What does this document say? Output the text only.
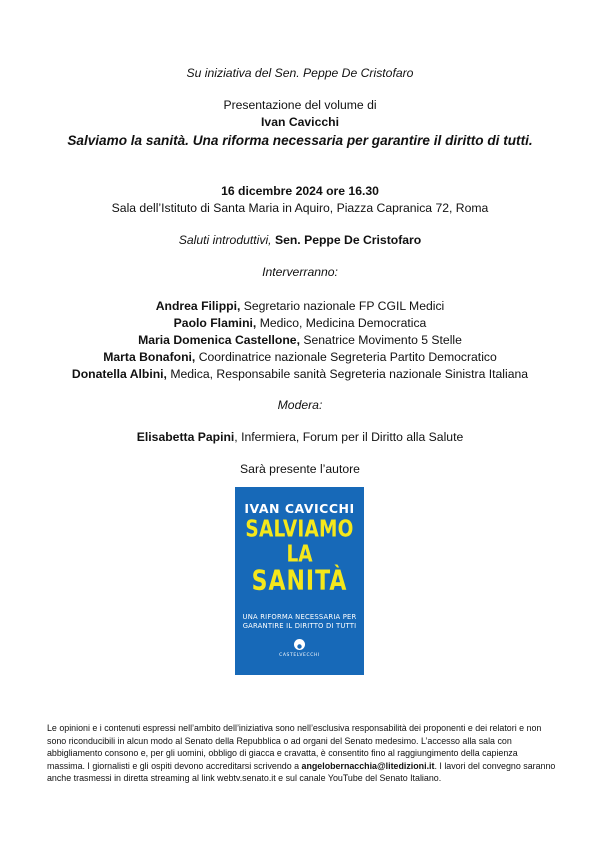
Su iniziativa del Sen. Peppe De Cristofaro
Presentazione del volume di
Ivan Cavicchi
Salviamo la sanità. Una riforma necessaria per garantire il diritto di tutti.
16 dicembre 2024 ore 16.30
Sala dell’Istituto di Santa Maria in Aquiro, Piazza Capranica 72, Roma
Saluti introduttivi, Sen. Peppe De Cristofaro
Interverranno:
Andrea Filippi, Segretario nazionale FP CGIL Medici
Paolo Flamini, Medico, Medicina Democratica
Maria Domenica Castellone, Senatrice Movimento 5 Stelle
Marta Bonafoni, Coordinatrice nazionale Segreteria Partito Democratico
Donatella Albini, Medica, Responsabile sanità Segreteria nazionale Sinistra Italiana
Modera:
Elisabetta Papini, Infermiera, Forum per il Diritto alla Salute
Sarà presente l’autore
IVAN CAVICCHI
SALVIAMO
LA
SANITÀ
UNA RIFORMA NECESSARIA PER
GARANTIRE IL DIRITTO DI TUTTI
CASTELVECCHI
Le opinioni e i contenuti espressi nell’ambito dell’iniziativa sono nell’esclusiva responsabilità dei proponenti e dei relatori e non sono riconducibili in alcun modo al Senato della Repubblica o ad organi del Senato medesimo. L’accesso alla sala con abbigliamento consono e, per gli uomini, obbligo di giacca e cravatta, è consentito fino al raggiungimento della capienza massima. I giornalisti e gli ospiti devono accreditarsi scrivendo a angelobernacchia@litedizioni.it. I lavori del convegno saranno anche trasmessi in diretta streaming al link webtv.senato.it e sul canale YouTube del Senato Italiano.
